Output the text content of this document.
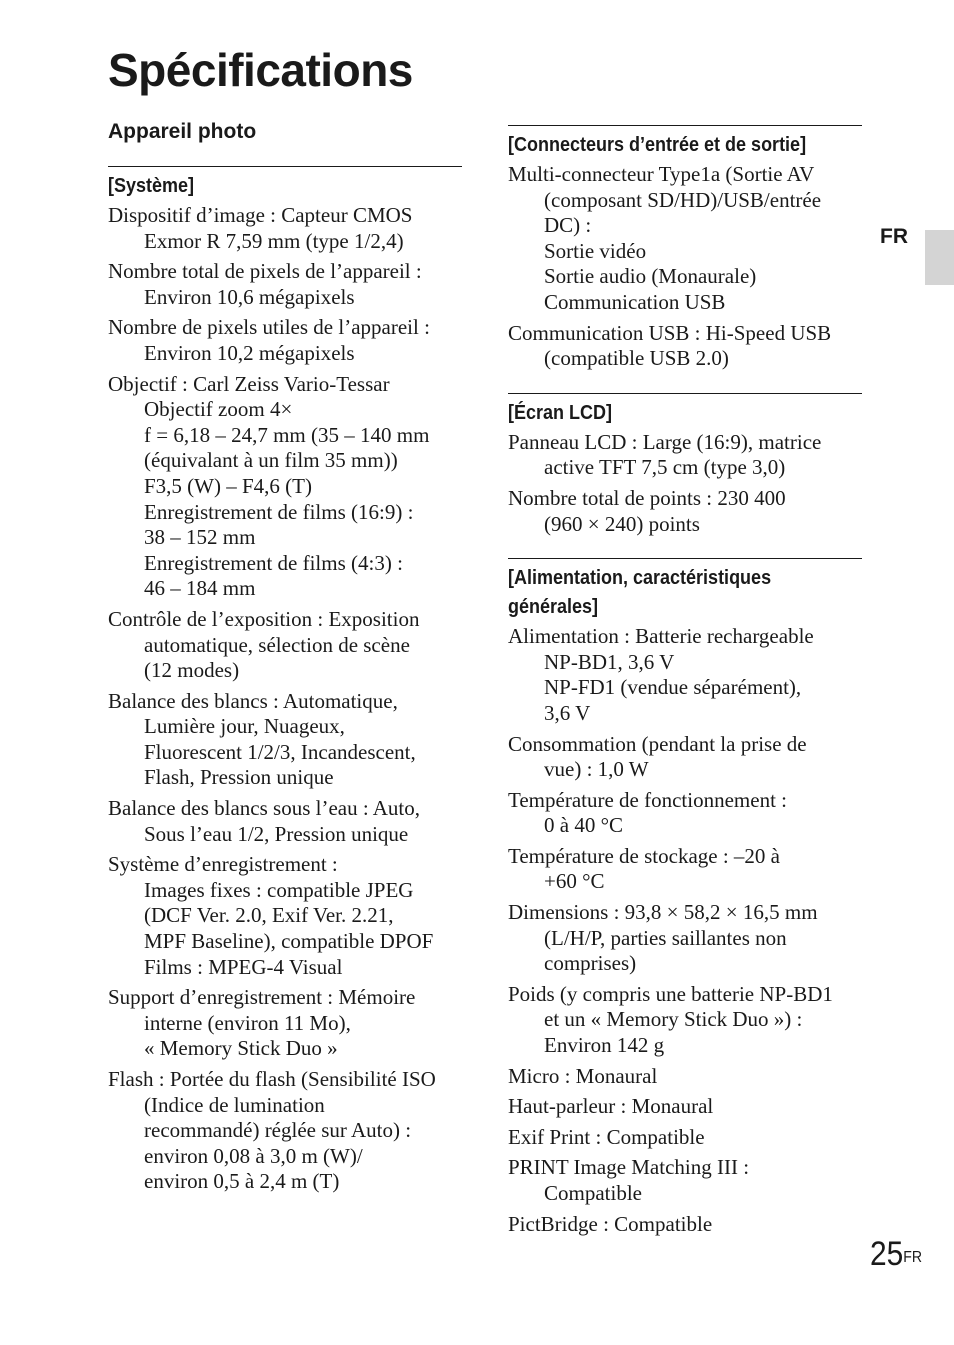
Spécifications
Appareil photo
[Système]
Dispositif d’image : Capteur CMOS
Exmor R 7,59 mm (type 1/2,4)
Nombre total de pixels de l’appareil :
Environ 10,6 mégapixels
Nombre de pixels utiles de l’appareil :
Environ 10,2 mégapixels
Objectif : Carl Zeiss Vario-Tessar
Objectif zoom 4×
f = 6,18 – 24,7 mm (35 – 140 mm
(équivalant à un film 35 mm))
F3,5 (W) – F4,6 (T)
Enregistrement de films (16:9) :
38 – 152 mm
Enregistrement de films (4:3) :
46 – 184 mm
Contrôle de l’exposition : Exposition
automatique, sélection de scène
(12 modes)
Balance des blancs : Automatique,
Lumière jour, Nuageux,
Fluorescent 1/2/3, Incandescent,
Flash, Pression unique
Balance des blancs sous l’eau : Auto,
Sous l’eau 1/2, Pression unique
Système d’enregistrement :
Images fixes : compatible JPEG
(DCF Ver. 2.0, Exif Ver. 2.21,
MPF Baseline), compatible DPOF
Films : MPEG-4 Visual
Support d’enregistrement : Mémoire
interne (environ 11 Mo),
« Memory Stick Duo »
Flash : Portée du flash (Sensibilité ISO
(Indice de lumination
recommandé) réglée sur Auto) :
environ 0,08 à 3,0 m (W)/
environ 0,5 à 2,4 m (T)
[Connecteurs d’entrée et de sortie]
Multi-connecteur Type1a (Sortie AV
(composant SD/HD)/USB/entrée
DC) :
Sortie vidéo
Sortie audio (Monaurale)
Communication USB
Communication USB : Hi-Speed USB
(compatible USB 2.0)
[Écran LCD]
Panneau LCD : Large (16:9), matrice
active TFT 7,5 cm (type 3,0)
Nombre total de points : 230 400
(960 × 240) points
[Alimentation, caractéristiques générales]
Alimentation : Batterie rechargeable
NP-BD1, 3,6 V
NP-FD1 (vendue séparément),
3,6 V
Consommation (pendant la prise de
vue) : 1,0 W
Température de fonctionnement :
0 à 40 °C
Température de stockage : –20 à
+60 °C
Dimensions : 93,8 × 58,2 × 16,5 mm
(L/H/P, parties saillantes non
comprises)
Poids (y compris une batterie NP-BD1
et un « Memory Stick Duo ») :
Environ 142 g
Micro : Monaural
Haut-parleur : Monaural
Exif Print : Compatible
PRINT Image Matching III :
Compatible
PictBridge : Compatible
FR
$25^{FR}$
